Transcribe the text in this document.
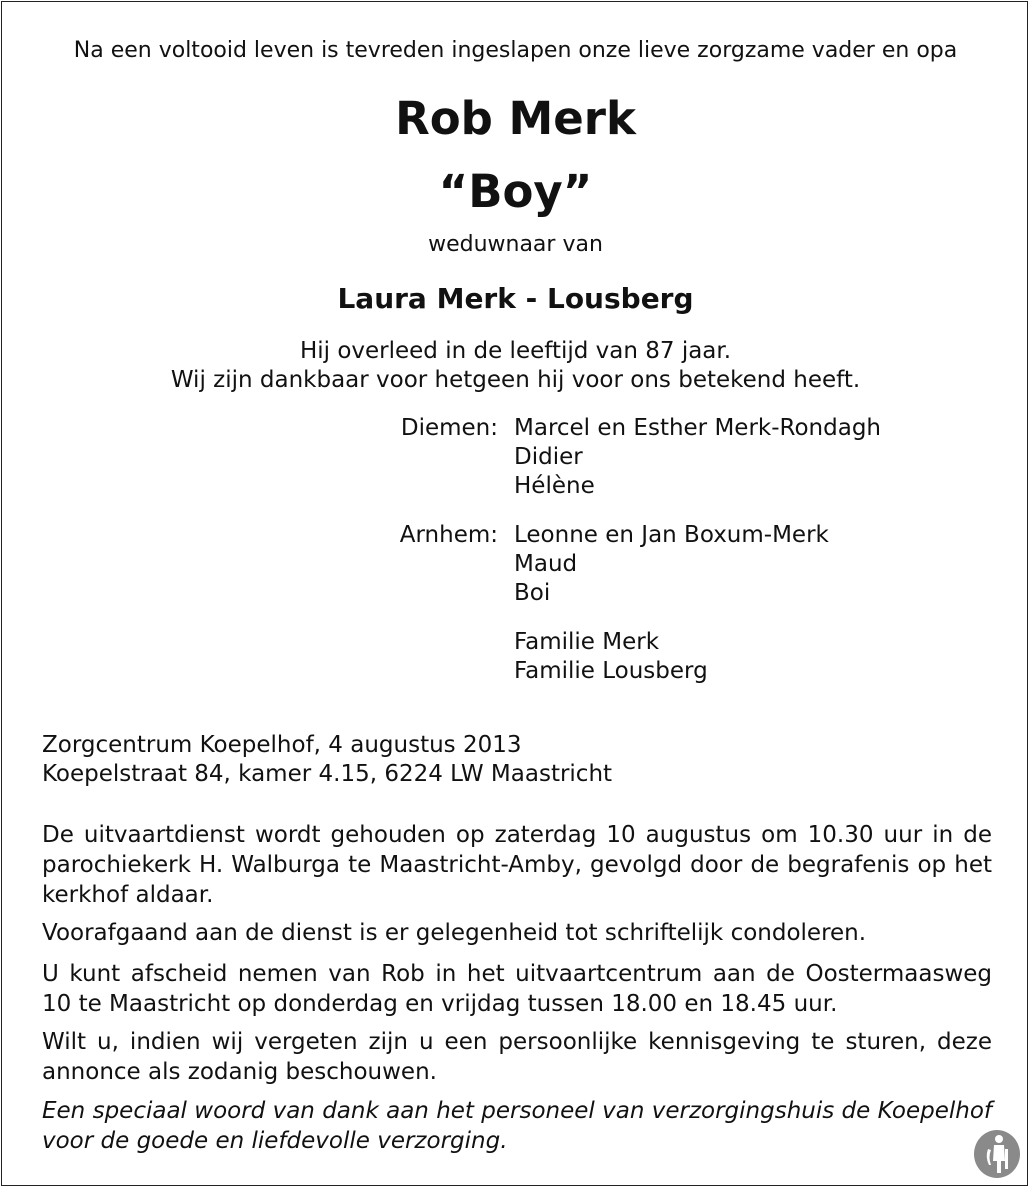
Na een voltooid leven is tevreden ingeslapen onze lieve zorgzame vader en opa
Rob Merk
“Boy”
weduwnaar van
Laura Merk - Lousberg
Hij overleed in de leeftijd van 87 jaar.
Wij zijn dankbaar voor hetgeen hij voor ons betekend heeft.
Diemen: Marcel en Esther Merk-Rondagh
Didier
Hélène
Arnhem: Leonne en Jan Boxum-Merk
Maud
Boi
Familie Merk
Familie Lousberg
Zorgcentrum Koepelhof, 4 augustus 2013
Koepelstraat 84, kamer 4.15, 6224 LW Maastricht
De uitvaartdienst wordt gehouden op zaterdag 10 augustus om 10.30 uur in de parochiekerk H. Walburga te Maastricht-Amby, gevolgd door de begrafenis op het kerkhof aldaar.
Voorafgaand aan de dienst is er gelegenheid tot schriftelijk condoleren.
U kunt afscheid nemen van Rob in het uitvaartcentrum aan de Oostermaasweg 10 te Maastricht op donderdag en vrijdag tussen 18.00 en 18.45 uur.
Wilt u, indien wij vergeten zijn u een persoonlijke kennisgeving te sturen, deze annonce als zodanig beschouwen.
Een speciaal woord van dank aan het personeel van verzorgingshuis de Koepelhof voor de goede en liefdevolle verzorging.
